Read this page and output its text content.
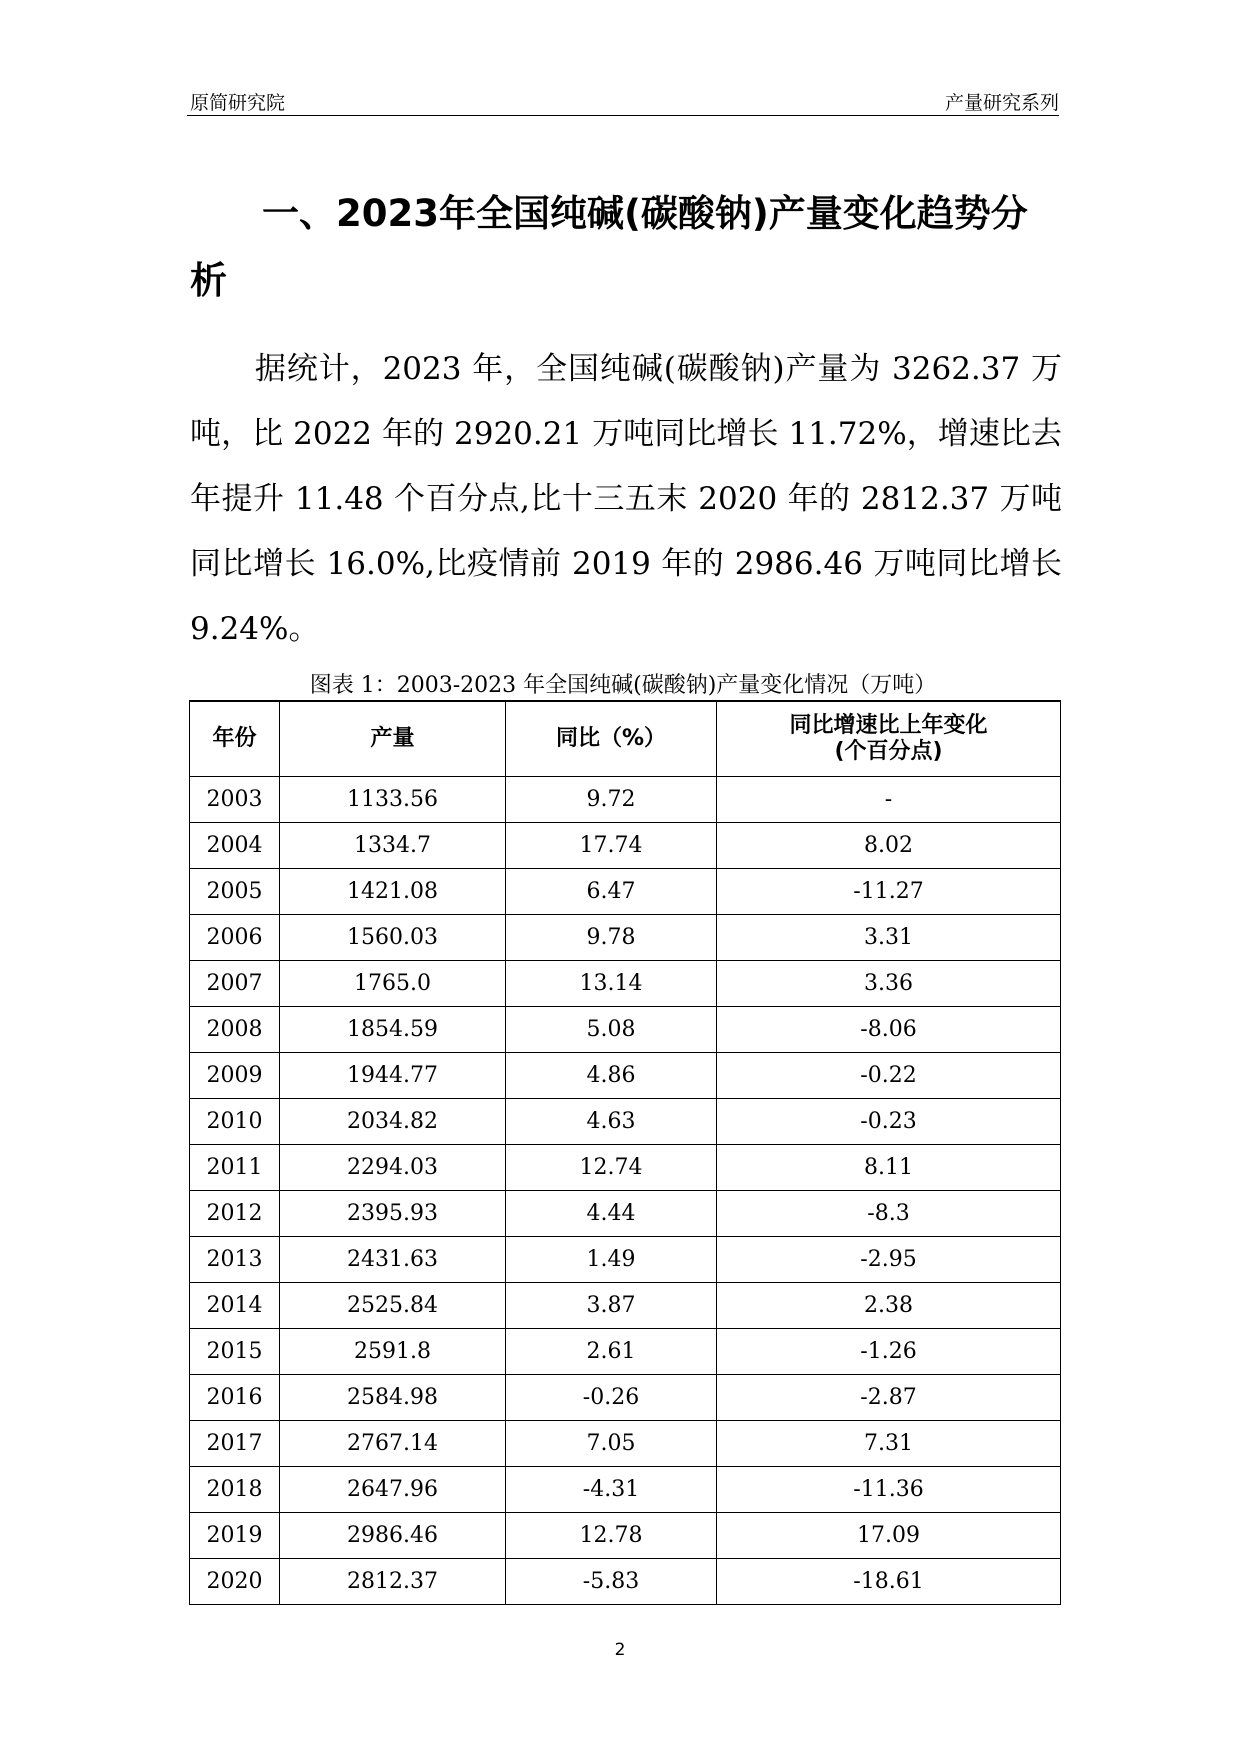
原简研究院	产量研究系列
一、2023年全国纯碱(碳酸钠)产量变化趋势分析
据统计，2023 年，全国纯碱(碳酸钠)产量为 3262.37 万吨，比 2022 年的 2920.21 万吨同比增长 11.72%，增速比去年提升 11.48 个百分点,比十三五末 2020 年的 2812.37 万吨同比增长 16.0%,比疫情前 2019 年的 2986.46 万吨同比增长 9.24%。
图表 1：2003-2023 年全国纯碱(碳酸钠)产量变化情况（万吨）
年份	产量	同比（%）	同比增速比上年变化
(个百分点)
2003	1133.56	9.72	-
2004	1334.7	17.74	8.02
2005	1421.08	6.47	-11.27
2006	1560.03	9.78	3.31
2007	1765.0	13.14	3.36
2008	1854.59	5.08	-8.06
2009	1944.77	4.86	-0.22
2010	2034.82	4.63	-0.23
2011	2294.03	12.74	8.11
2012	2395.93	4.44	-8.3
2013	2431.63	1.49	-2.95
2014	2525.84	3.87	2.38
2015	2591.8	2.61	-1.26
2016	2584.98	-0.26	-2.87
2017	2767.14	7.05	7.31
2018	2647.96	-4.31	-11.36
2019	2986.46	12.78	17.09
2020	2812.37	-5.83	-18.61
2
